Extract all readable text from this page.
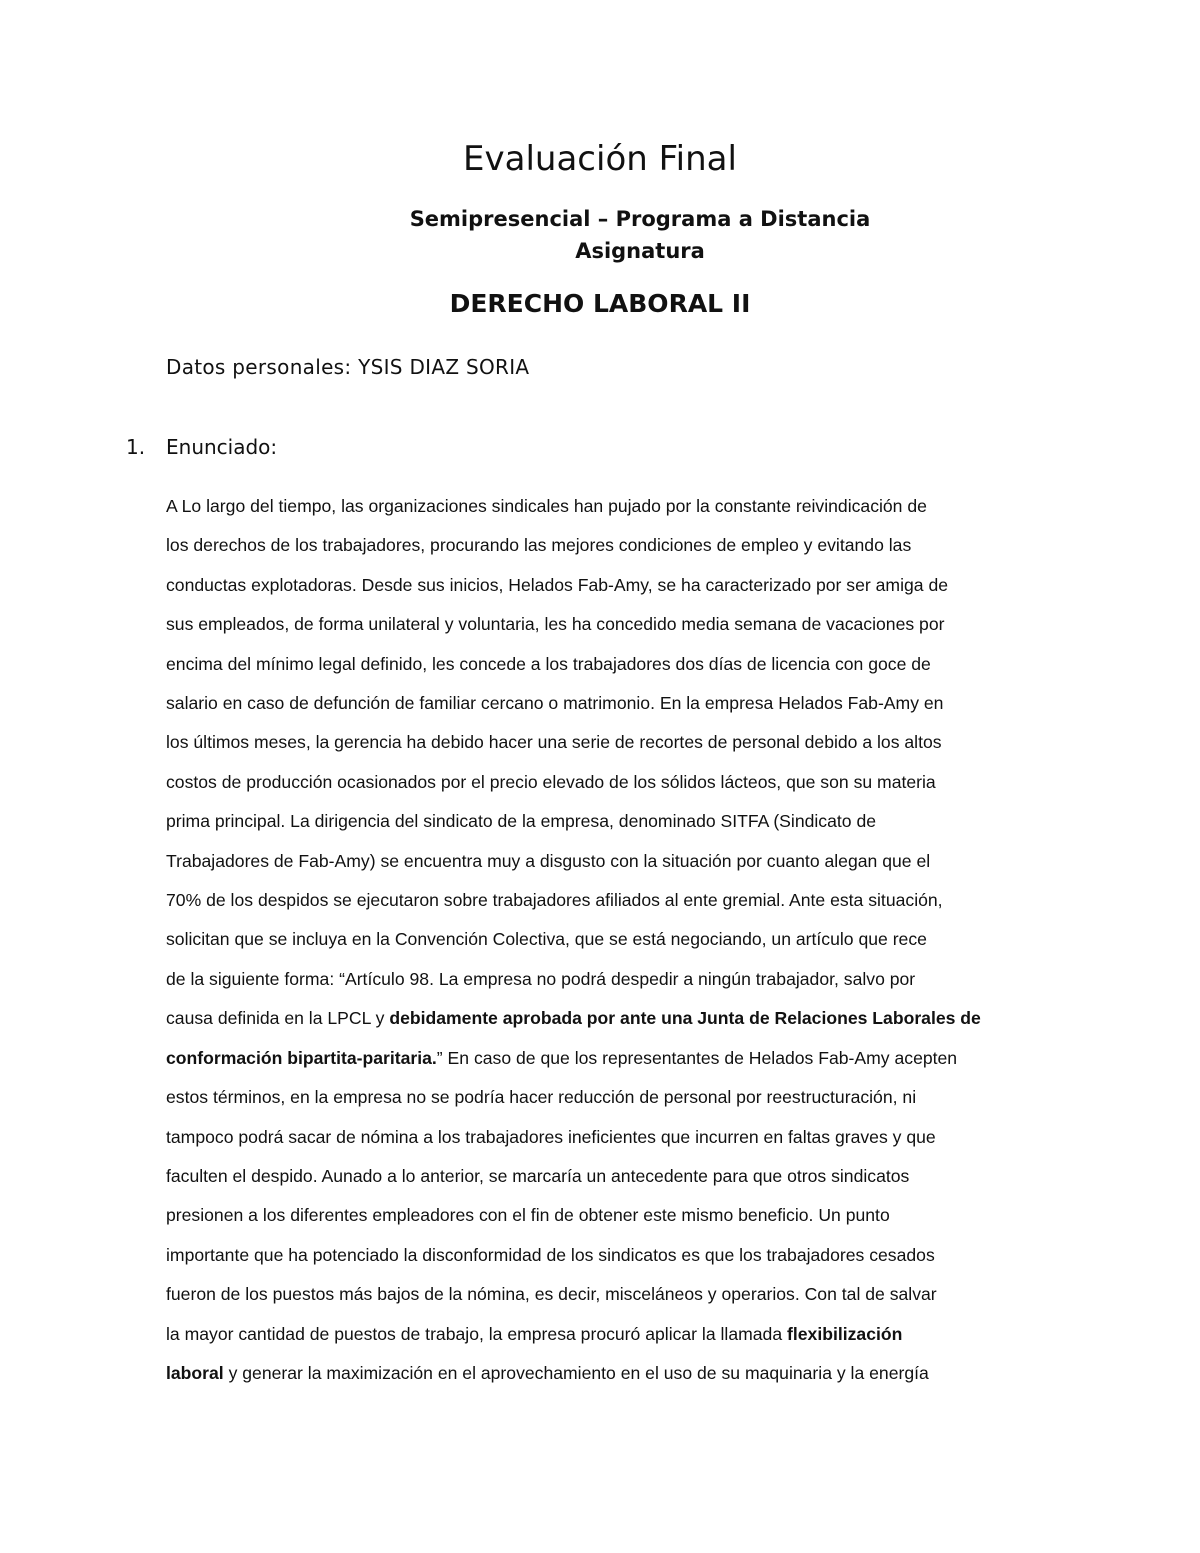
Evaluación Final
Semipresencial – Programa a Distancia
Asignatura
DERECHO LABORAL II

Datos personales: YSIS DIAZ SORIA

1. Enunciado:
A Lo largo del tiempo, las organizaciones sindicales han pujado por la constante reivindicación de
los derechos de los trabajadores, procurando las mejores condiciones de empleo y evitando las
conductas explotadoras. Desde sus inicios, Helados Fab-Amy, se ha caracterizado por ser amiga de
sus empleados, de forma unilateral y voluntaria, les ha concedido media semana de vacaciones por
encima del mínimo legal definido, les concede a los trabajadores dos días de licencia con goce de
salario en caso de defunción de familiar cercano o matrimonio. En la empresa Helados Fab-Amy en
los últimos meses, la gerencia ha debido hacer una serie de recortes de personal debido a los altos
costos de producción ocasionados por el precio elevado de los sólidos lácteos, que son su materia
prima principal. La dirigencia del sindicato de la empresa, denominado SITFA (Sindicato de
Trabajadores de Fab-Amy) se encuentra muy a disgusto con la situación por cuanto alegan que el
70% de los despidos se ejecutaron sobre trabajadores afiliados al ente gremial. Ante esta situación,
solicitan que se incluya en la Convención Colectiva, que se está negociando, un artículo que rece
de la siguiente forma: “Artículo 98. La empresa no podrá despedir a ningún trabajador, salvo por
causa definida en la LPCL y debidamente aprobada por ante una Junta de Relaciones Laborales de
conformación bipartita-paritaria.” En caso de que los representantes de Helados Fab-Amy acepten
estos términos, en la empresa no se podría hacer reducción de personal por reestructuración, ni
tampoco podrá sacar de nómina a los trabajadores ineficientes que incurren en faltas graves y que
faculten el despido. Aunado a lo anterior, se marcaría un antecedente para que otros sindicatos
presionen a los diferentes empleadores con el fin de obtener este mismo beneficio. Un punto
importante que ha potenciado la disconformidad de los sindicatos es que los trabajadores cesados
fueron de los puestos más bajos de la nómina, es decir, misceláneos y operarios. Con tal de salvar
la mayor cantidad de puestos de trabajo, la empresa procuró aplicar la llamada flexibilización
laboral y generar la maximización en el aprovechamiento en el uso de su maquinaria y la energía
